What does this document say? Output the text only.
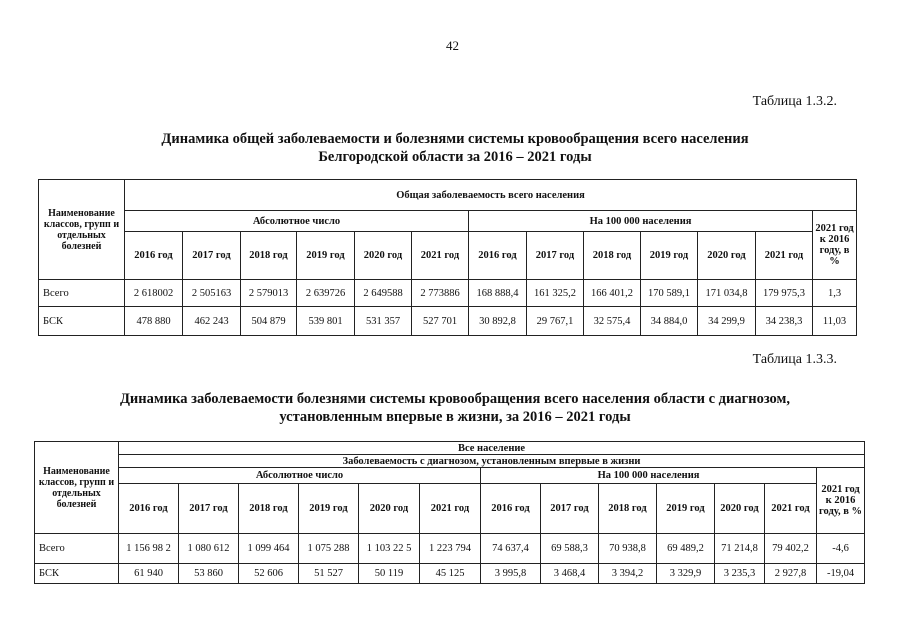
42
Таблица 1.3.2.
Динамика общей заболеваемости и болезнями системы кровообращения всего населения
Белгородской области за 2016 – 2021 годы
Наименование классов, групп и отдельных болезней	Общая заболеваемость всего населения												
	Абсолютное число						На 100 000 населения						2021 год к 2016 году, в %
	2016 год	2017 год	2018 год	2019 год	2020 год	2021 год	2016 год	2017 год	2018 год	2019 год	2020 год	2021 год	
Всего	2 618002	2 505163	2 579013	2 639726	2 649588	2 773886	168 888,4	161 325,2	166 401,2	170 589,1	171 034,8	179 975,3	1,3
БСК	478 880	462 243	504 879	539 801	531 357	527 701	30 892,8	29 767,1	32 575,4	34 884,0	34 299,9	34 238,3	11,03
Таблица 1.3.3.
Динамика заболеваемости болезнями системы кровообращения всего населения области с диагнозом,
установленным впервые в жизни, за 2016 – 2021 годы
Наименование классов, групп и отдельных болезней	Все население												
	Заболеваемость с диагнозом, установленным впервые в жизни												
	Абсолютное число						На 100 000 населения						2021 год к 2016 году, в %
	2016 год	2017 год	2018 год	2019 год	2020 год	2021 год	2016 год	2017 год	2018 год	2019 год	2020 год	2021 год	
Всего	1 156 98 2	1 080 612	1 099 464	1 075 288	1 103 22 5	1 223 794	74 637,4	69 588,3	70 938,8	69 489,2	71 214,8	79 402,2	-4,6
БСК	61 940	53 860	52 606	51 527	50 119	45 125	3 995,8	3 468,4	3 394,2	3 329,9	3 235,3	2 927,8	-19,04
